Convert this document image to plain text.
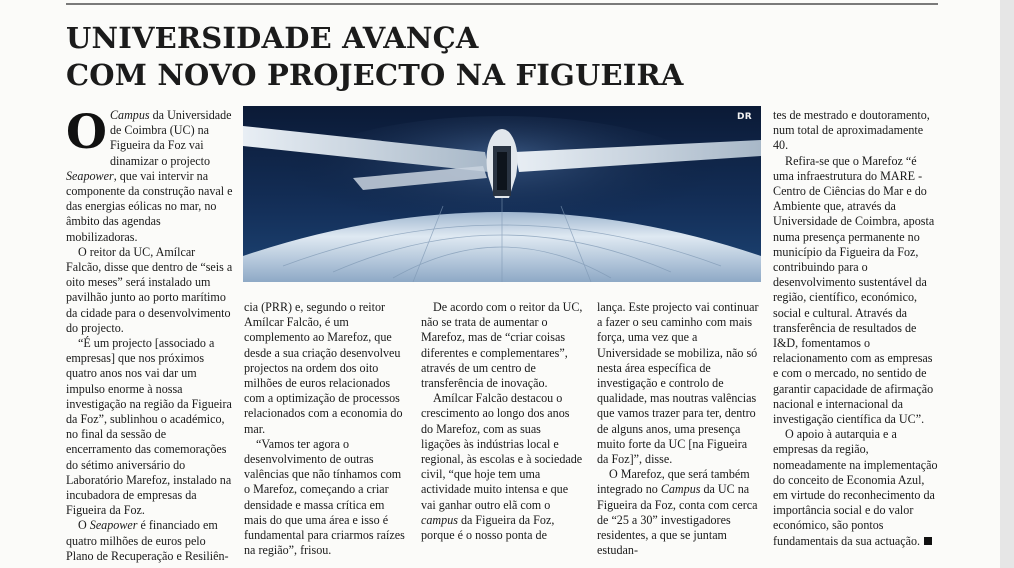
UNIVERSIDADE AVANÇA
COM NOVO PROJECTO NA FIGUEIRA
DR

O Campus da Universidade de Coimbra (UC) na Figueira da Foz vai dinamizar o projecto Seapower, que vai intervir na componente da construção naval e das energias eólicas no mar, no âmbito das agendas mobilizadoras.

O reitor da UC, Amílcar Falcão, disse que dentro de “seis a oito meses” será instalado um pavilhão junto ao porto marítimo da cidade para o desenvolvimento do projecto.

“É um projecto [associado a empresas] que nos próximos quatro anos nos vai dar um impulso enorme à nossa investigação na região da Figueira da Foz”, sublinhou o académico, no final da sessão de encerramento das comemorações do sétimo aniversário do Laboratório Marefoz, instalado na incubadora de empresas da Figueira da Foz.

O Seapower é financiado em quatro milhões de euros pelo Plano de Recuperação e Resiliên-

cia (PRR) e, segundo o reitor Amílcar Falcão, é um complemento ao Marefoz, que desde a sua criação desenvolveu projectos na ordem dos oito milhões de euros relacionados com a optimização de processos relacionados com a economia do mar.

“Vamos ter agora o desenvolvimento de outras valências que não tínhamos com o Marefoz, começando a criar densidade e massa crítica em mais do que uma área e isso é fundamental para criarmos raízes na região”, frisou.

De acordo com o reitor da UC, não se trata de aumentar o Marefoz, mas de “criar coisas diferentes e complementares”, através de um centro de transferência de inovação.

Amílcar Falcão destacou o crescimento ao longo dos anos do Marefoz, com as suas ligações às indústrias local e regional, às escolas e à sociedade civil, “que hoje tem uma actividade muito intensa e que vai ganhar outro elã com o campus da Figueira da Foz, porque é o nosso ponta de

lança. Este projecto vai continuar a fazer o seu caminho com mais força, uma vez que a Universidade se mobiliza, não só nesta área específica de investigação e controlo de qualidade, mas noutras valências que vamos trazer para ter, dentro de alguns anos, uma presença muito forte da UC [na Figueira da Foz]”, disse.

O Marefoz, que será também integrado no Campus da UC na Figueira da Foz, conta com cerca de “25 a 30” investigadores residentes, a que se juntam estudan-

tes de mestrado e doutoramento, num total de aproximadamente 40.

Refira-se que o Marefoz “é uma infraestrutura do MARE - Centro de Ciências do Mar e do Ambiente que, através da Universidade de Coimbra, aposta numa presença permanente no município da Figueira da Foz, contribuindo para o desenvolvimento sustentável da região, científico, económico, social e cultural. Através da transferência de resultados de I&D, fomentamos o relacionamento com as empresas e com o mercado, no sentido de garantir capacidade de afirmação nacional e internacional da investigação científica da UC”.

O apoio à autarquia e a empresas da região, nomeadamente na implementação do conceito de Economia Azul, em virtude do reconhecimento da importância social e do valor económico, são pontos fundamentais da sua actuação.
